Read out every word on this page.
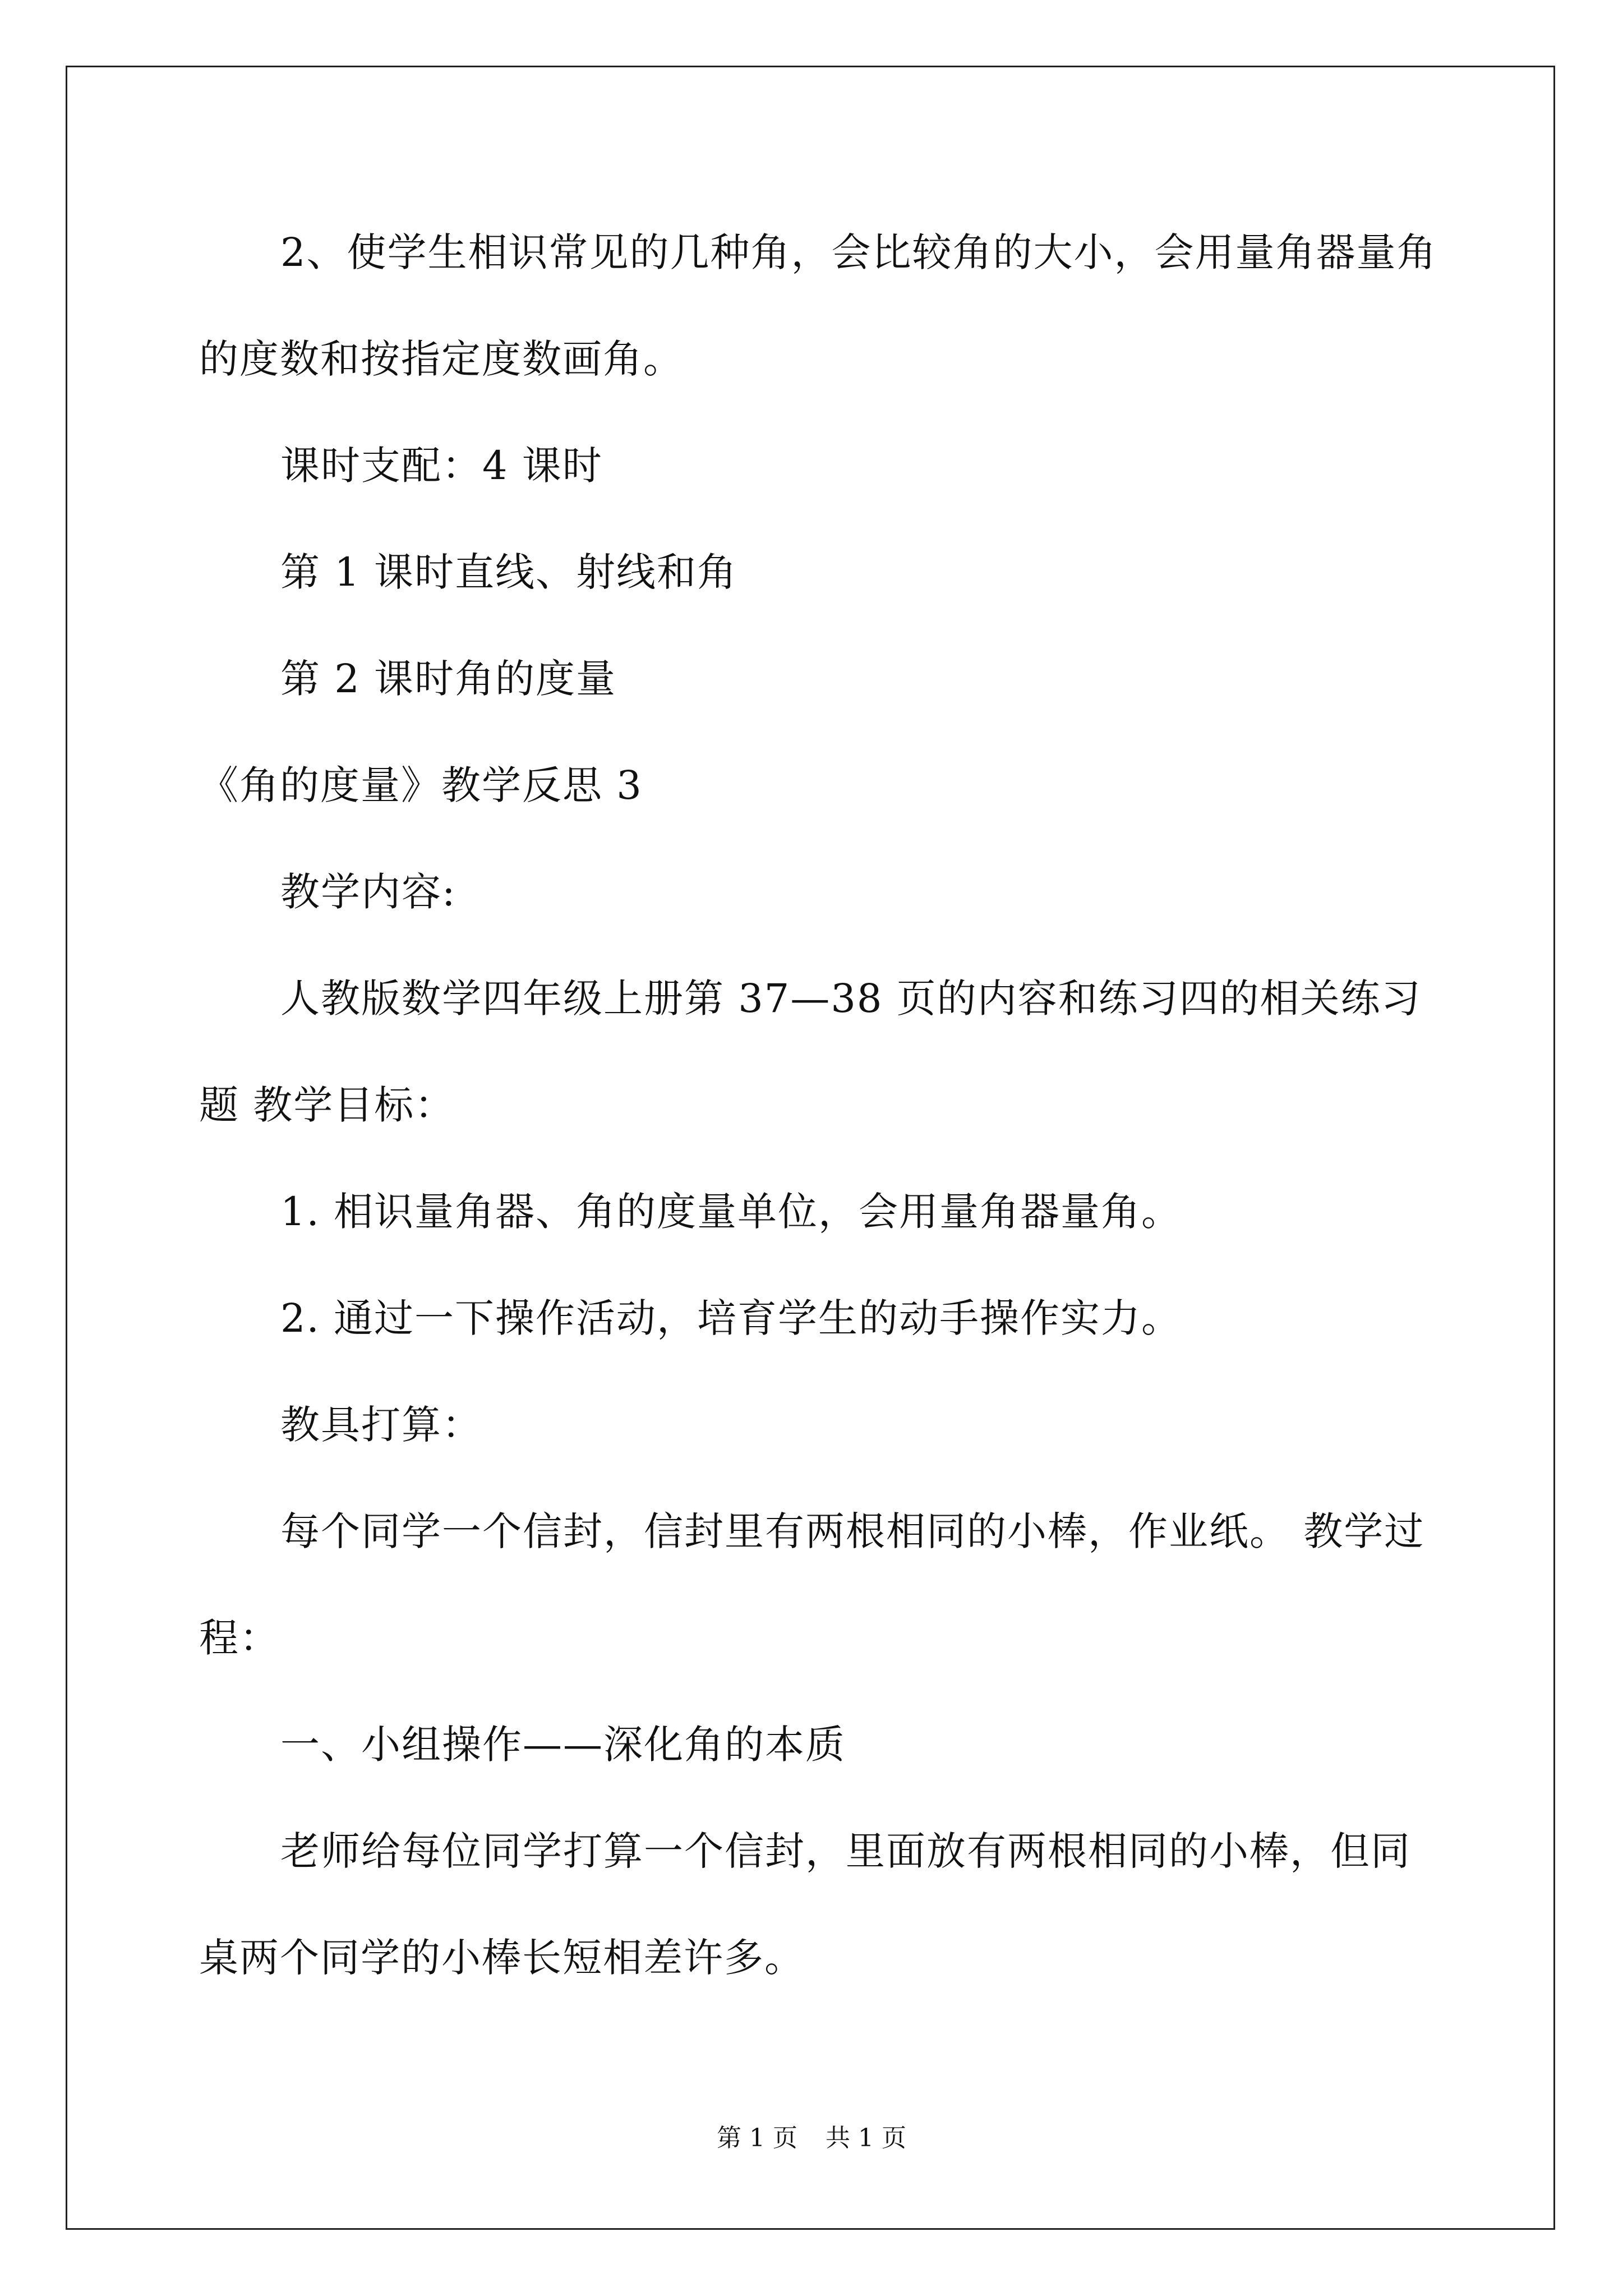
2、使学生相识常见的几种角，会比较角的大小，会用量角器量角
的度数和按指定度数画角。
课时支配：4 课时
第 1 课时直线、射线和角
第 2 课时角的度量
《角的度量》教学反思 3
教学内容:
人教版数学四年级上册第 37—38 页的内容和练习四的相关练习
题 教学目标：
1. 相识量角器、角的度量单位，会用量角器量角。
2. 通过一下操作活动，培育学生的动手操作实力。
教具打算：
每个同学一个信封，信封里有两根相同的小棒，作业纸。 教学过
程：
一、小组操作——深化角的本质
老师给每位同学打算一个信封，里面放有两根相同的小棒，但同
桌两个同学的小棒长短相差许多。
第 1 页 共 1 页
